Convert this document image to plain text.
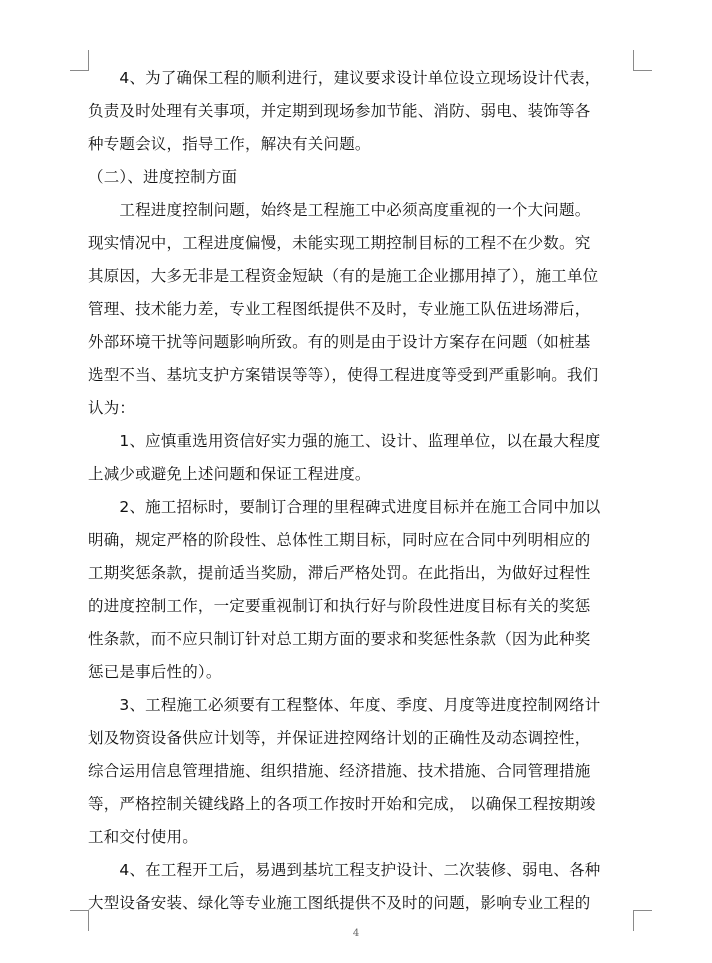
　　4、为了确保工程的顺利进行，建议要求设计单位设立现场设计代表，
负责及时处理有关事项，并定期到现场参加节能、消防、弱电、装饰等各
种专题会议，指导工作，解决有关问题。
（二）、进度控制方面
　　工程进度控制问题，始终是工程施工中必须高度重视的一个大问题。
现实情况中，工程进度偏慢，未能实现工期控制目标的工程不在少数。究
其原因，大多无非是工程资金短缺（有的是施工企业挪用掉了），施工单位
管理、技术能力差，专业工程图纸提供不及时，专业施工队伍进场滞后，
外部环境干扰等问题影响所致。有的则是由于设计方案存在问题（如桩基
选型不当、基坑支护方案错误等等），使得工程进度等受到严重影响。我们
认为：
　　1、应慎重选用资信好实力强的施工、设计、监理单位，以在最大程度
上减少或避免上述问题和保证工程进度。
　　2、施工招标时，要制订合理的里程碑式进度目标并在施工合同中加以
明确，规定严格的阶段性、总体性工期目标，同时应在合同中列明相应的
工期奖惩条款，提前适当奖励，滞后严格处罚。在此指出，为做好过程性
的进度控制工作，一定要重视制订和执行好与阶段性进度目标有关的奖惩
性条款，而不应只制订针对总工期方面的要求和奖惩性条款（因为此种奖
惩已是事后性的）。
　　3、工程施工必须要有工程整体、年度、季度、月度等进度控制网络计
划及物资设备供应计划等，并保证进控网络计划的正确性及动态调控性，
综合运用信息管理措施、组织措施、经济措施、技术措施、合同管理措施
等，严格控制关键线路上的各项工作按时开始和完成， 以确保工程按期竣
工和交付使用。
　　4、在工程开工后，易遇到基坑工程支护设计、二次装修、弱电、各种
大型设备安装、绿化等专业施工图纸提供不及时的问题，影响专业工程的
4
